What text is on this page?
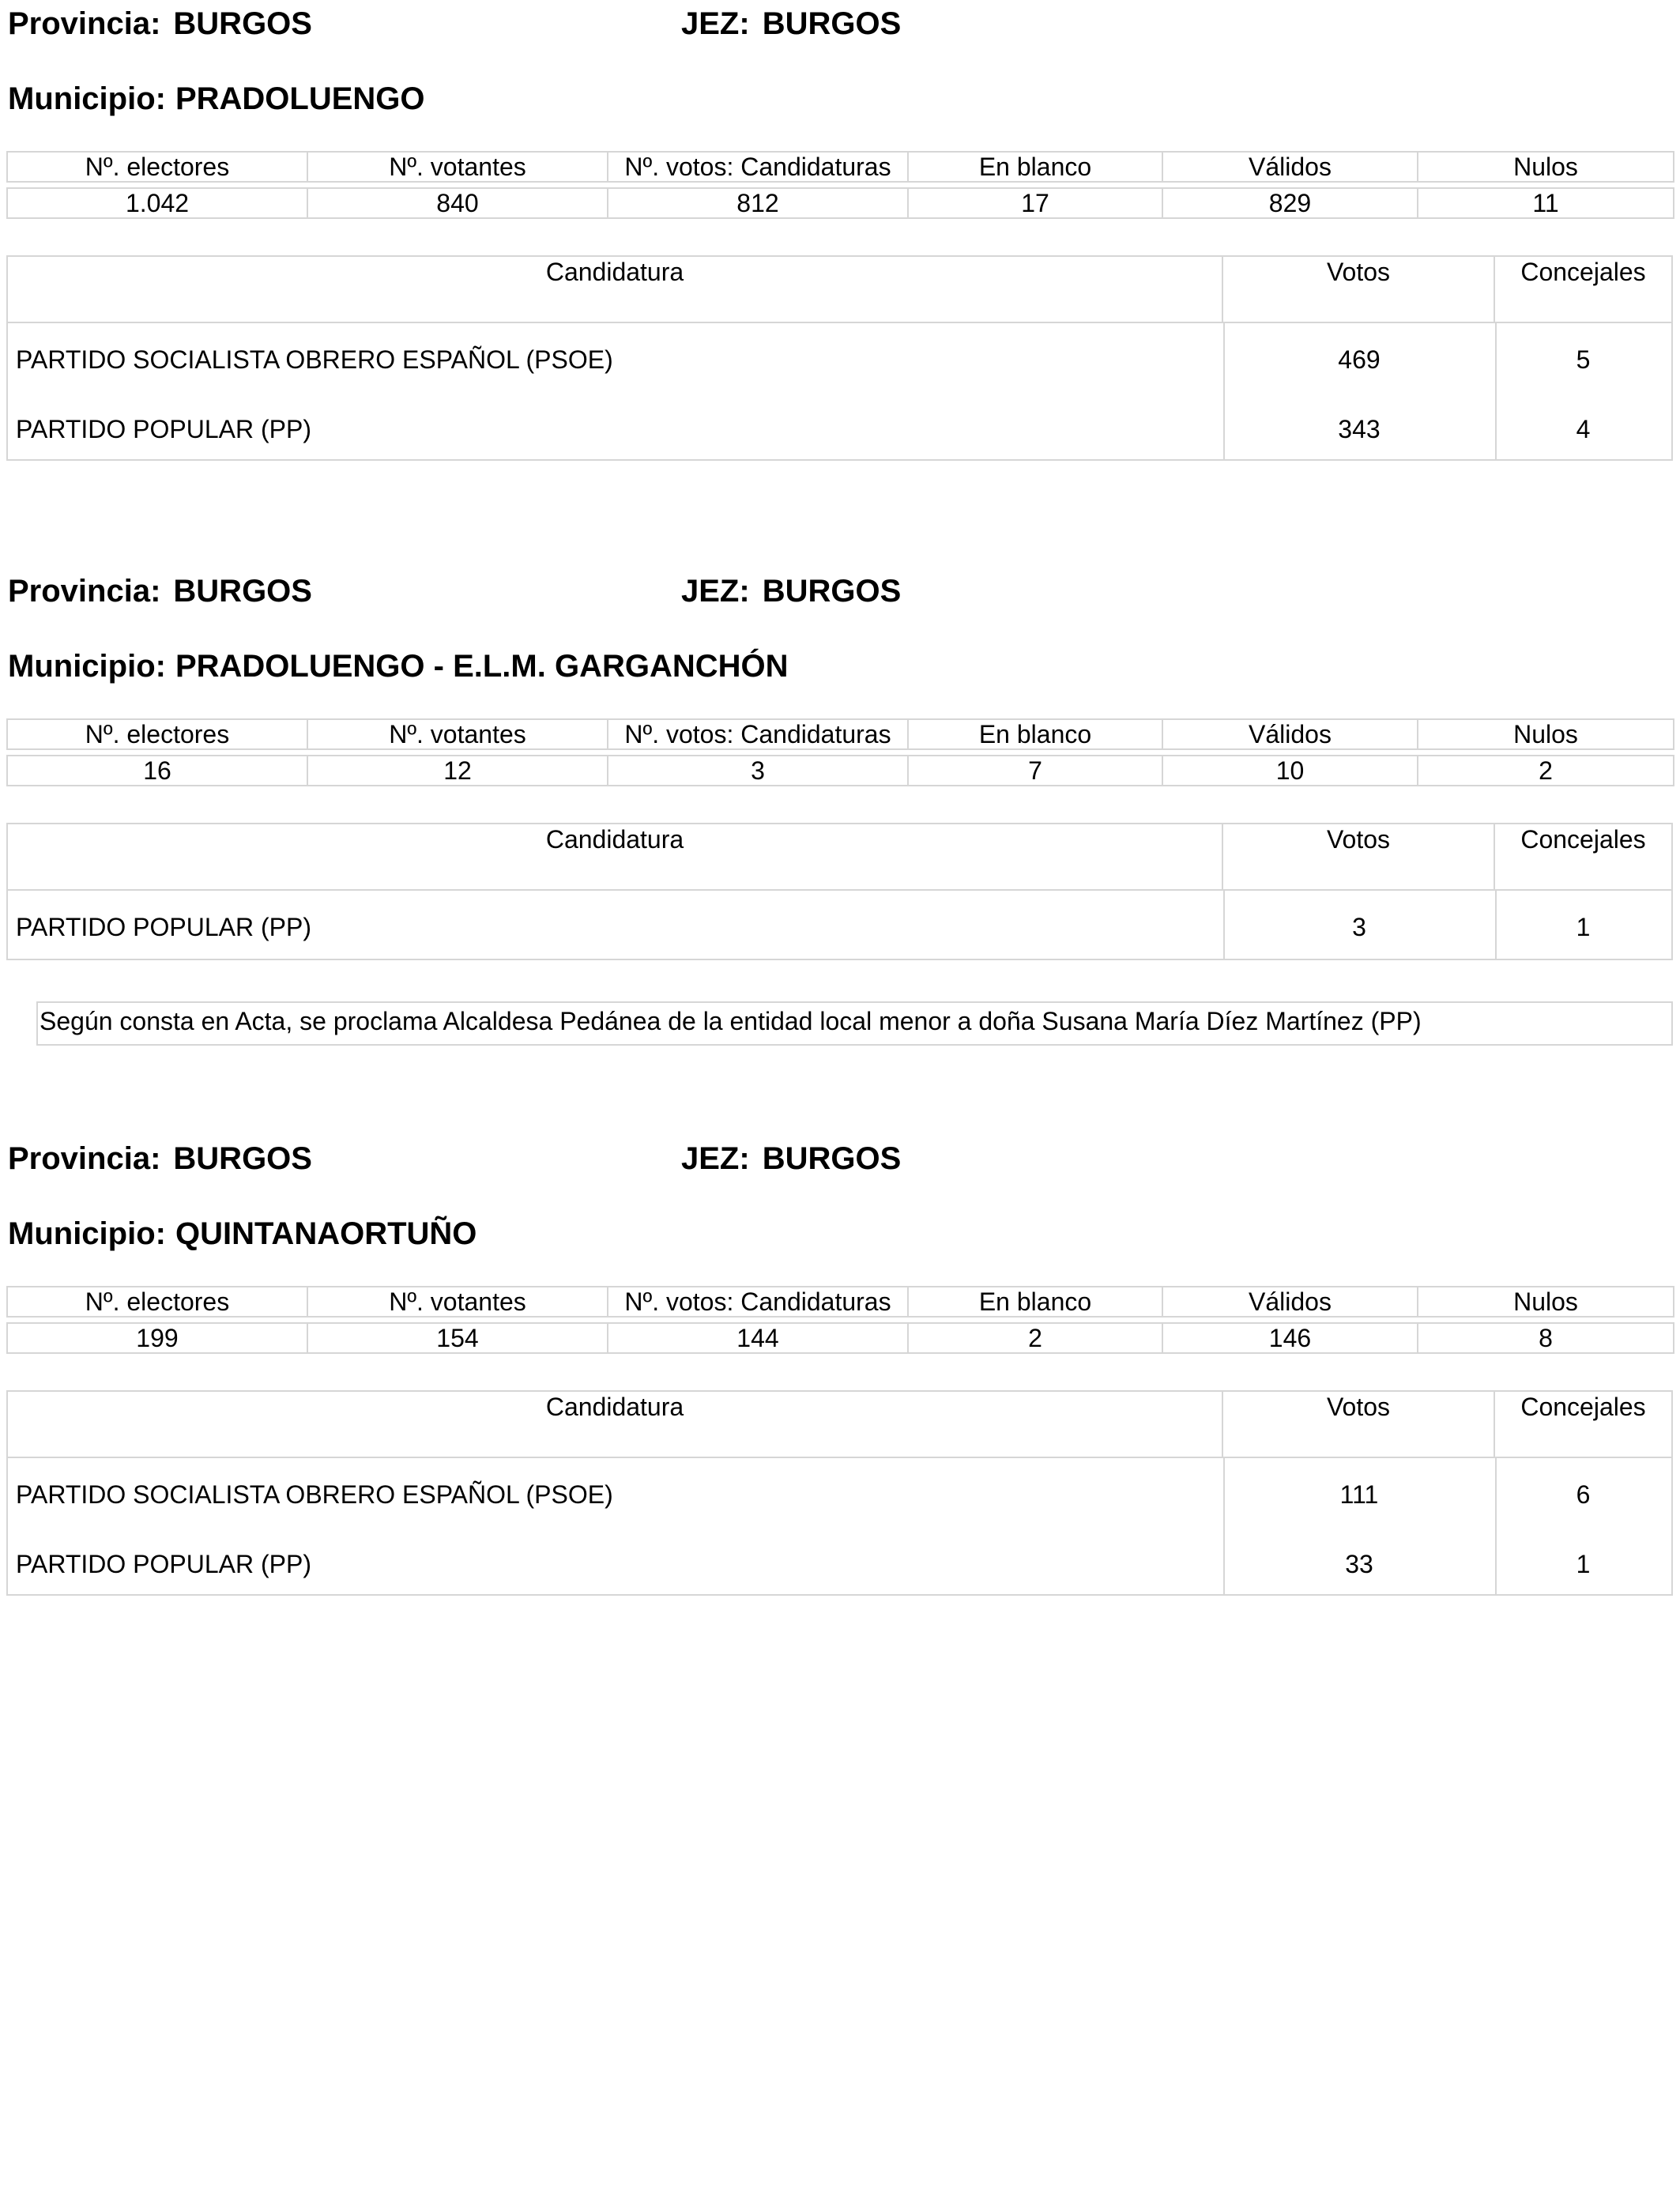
Provincia: BURGOS	JEZ: BURGOS
Municipio: PRADOLUENGO
Nº. electores	Nº. votantes	Nº. votos: Candidaturas	En blanco	Válidos	Nulos

1.042	840	812	17	829	11
Candidatura	Votos	Concejales
PARTIDO SOCIALISTA OBRERO ESPAÑOL (PSOE)	469	5
PARTIDO POPULAR (PP)	343	4
Provincia: BURGOS	JEZ: BURGOS
Municipio: PRADOLUENGO - E.L.M. GARGANCHÓN
Nº. electores	Nº. votantes	Nº. votos: Candidaturas	En blanco	Válidos	Nulos

16	12	3	7	10	2
Candidatura	Votos	Concejales
PARTIDO POPULAR (PP)	3	1
Según consta en Acta, se proclama Alcaldesa Pedánea de la entidad local menor a doña Susana María Díez Martínez (PP)
Provincia: BURGOS	JEZ: BURGOS
Municipio: QUINTANAORTUÑO
Nº. electores	Nº. votantes	Nº. votos: Candidaturas	En blanco	Válidos	Nulos

199	154	144	2	146	8
Candidatura	Votos	Concejales
PARTIDO SOCIALISTA OBRERO ESPAÑOL (PSOE)	111	6
PARTIDO POPULAR (PP)	33	1
